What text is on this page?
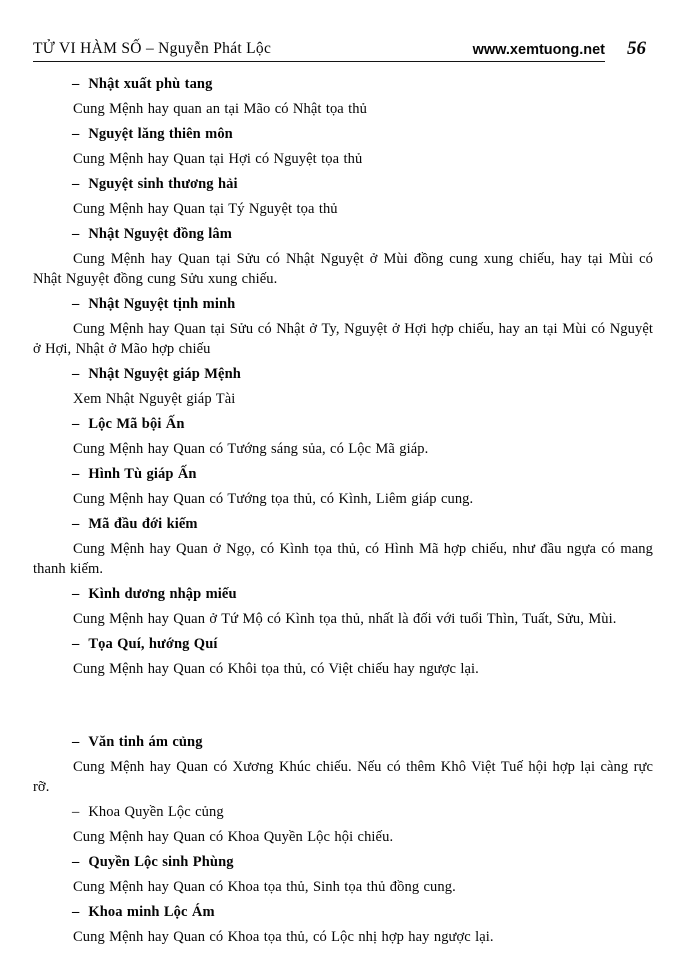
TỬ VI HÀM SỐ – Nguyễn Phát Lộc	www.xemtuong.net 56
– Nhật xuất phù tang
Cung Mệnh hay quan an tại Mão có Nhật tọa thủ
– Nguyệt lăng thiên môn
Cung Mệnh hay Quan tại Hợi có Nguyệt tọa thủ
– Nguyệt sinh thương hải
Cung Mệnh hay Quan tại Tý Nguyệt tọa thủ
– Nhật Nguyệt đồng lâm
Cung Mệnh hay Quan tại Sửu có Nhật Nguyệt ở Mùi đồng cung xung chiếu, hay tại Mùi có Nhật Nguyệt đồng cung Sửu xung chiếu.
– Nhật Nguyệt tịnh minh
Cung Mệnh hay Quan tại Sửu có Nhật ở Ty, Nguyệt ở Hợi hợp chiếu, hay an tại Mùi có Nguyệt ở Hợi, Nhật ở Mão hợp chiếu
– Nhật Nguyệt giáp Mệnh
Xem Nhật Nguyệt giáp Tài
– Lộc Mã bội Ấn
Cung Mệnh hay Quan có Tướng sáng sủa, có Lộc Mã giáp.
– Hình Tù giáp Ấn
Cung Mệnh hay Quan có Tướng tọa thủ, có Kình, Liêm giáp cung.
– Mã đầu đới kiếm
Cung Mệnh hay Quan ở Ngọ, có Kình tọa thủ, có Hình Mã hợp chiếu, như đầu ngựa có mang thanh kiếm.
– Kình dương nhập miếu
Cung Mệnh hay Quan ở Tứ Mộ có Kình tọa thủ, nhất là đối với tuổi Thìn, Tuất, Sửu, Mùi.
– Tọa Quí, hướng Quí
Cung Mệnh hay Quan có Khôi tọa thủ, có Việt chiếu hay ngược lại.
– Văn tinh ám củng
Cung Mệnh hay Quan có Xương Khúc chiếu. Nếu có thêm Khô Việt Tuế hội hợp lại càng rực rỡ.
– Khoa Quyền Lộc củng
Cung Mệnh hay Quan có Khoa Quyền Lộc hội chiếu.
– Quyền Lộc sinh Phùng
Cung Mệnh hay Quan có Khoa tọa thủ, Sinh tọa thủ đồng cung.
– Khoa minh Lộc Ám
Cung Mệnh hay Quan có Khoa tọa thủ, có Lộc nhị hợp hay ngược lại.
